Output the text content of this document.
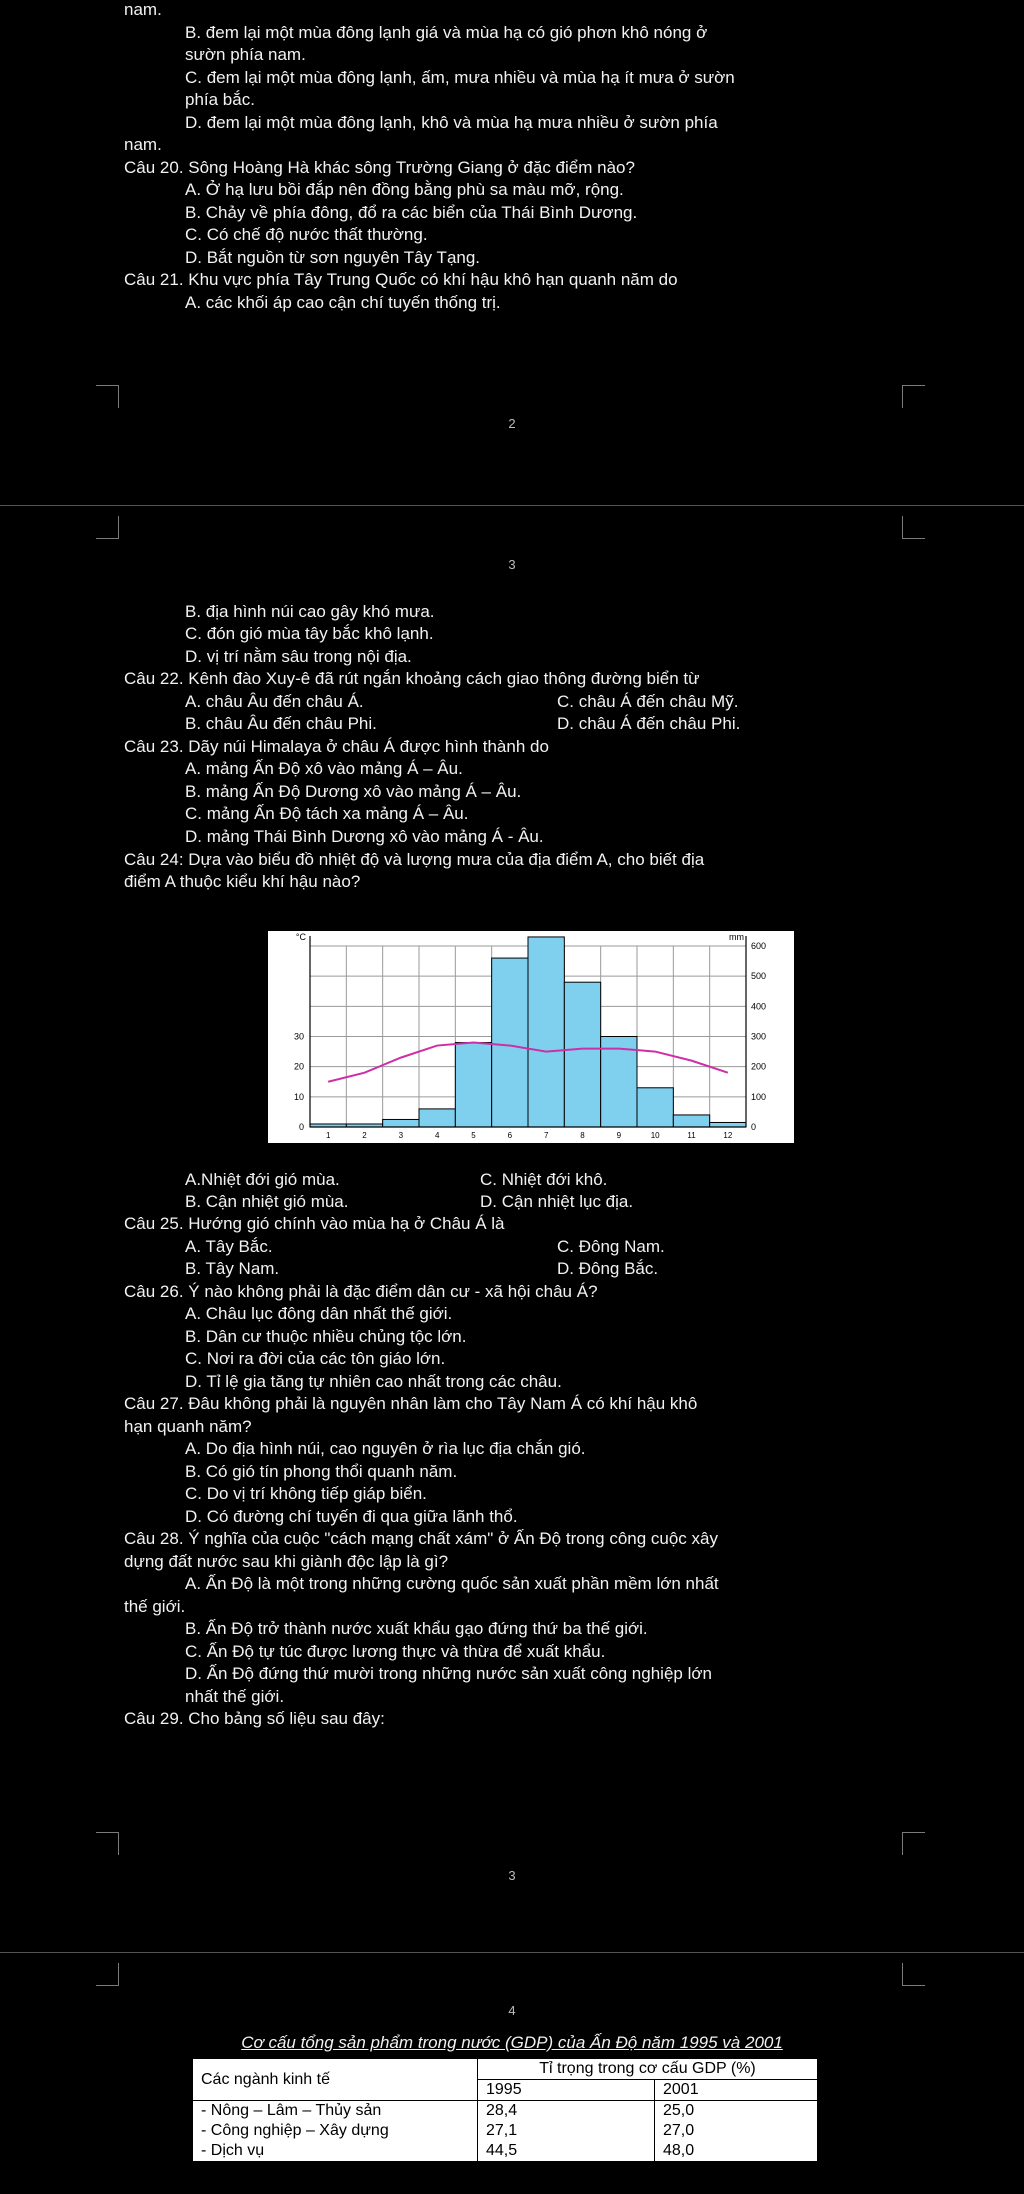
nam.
B. đem lại một mùa đông lạnh giá và mùa hạ có gió phơn khô nóng ở
sườn phía nam.
C. đem lại một mùa đông lạnh, ấm, mưa nhiều và mùa hạ ít mưa ở sườn
phía bắc.
D. đem lại một mùa đông lạnh, khô và mùa hạ mưa nhiều ở sườn phía
nam.
Câu 20. Sông Hoàng Hà khác sông Trường Giang ở đặc điểm nào?
A. Ở hạ lưu bồi đắp nên đồng bằng phù sa màu mỡ, rộng.
B. Chảy về phía đông, đổ ra các biển của Thái Bình Dương.
C. Có chế độ nước thất thường.
D. Bắt nguồn từ sơn nguyên Tây Tạng.
Câu 21. Khu vực phía Tây Trung Quốc có khí hậu khô hạn quanh năm do
A. các khối áp cao cận chí tuyến thống trị.
2
3
B. địa hình núi cao gây khó mưa.
C. đón gió mùa tây bắc khô lạnh.
D. vị trí nằm sâu trong nội địa.
Câu 22. Kênh đào Xuy-ê đã rút ngắn khoảng cách giao thông đường biển từ
A. châu Âu đến châu Á.	C. châu Á đến châu Mỹ.
B. châu Âu đến châu Phi.	D. châu Á đến châu Phi.
Câu 23. Dãy núi Himalaya ở châu Á được hình thành do
A. mảng Ấn Độ xô vào mảng Á – Âu.
B. mảng Ấn Độ Dương xô vào mảng Á – Âu.
C. mảng Ấn Độ tách xa mảng Á – Âu.
D. mảng Thái Bình Dương xô vào mảng Á - Âu.
Câu 24: Dựa vào biểu đồ nhiệt độ và lượng mưa của địa điểm A, cho biết địa
điểm A thuộc kiểu khí hậu nào?
A.Nhiệt đới gió mùa.	C. Nhiệt đới khô.
B. Cận nhiệt gió mùa.	D. Cận nhiệt lục địa.
Câu 25. Hướng gió chính vào mùa hạ ở Châu Á là
A. Tây Bắc.	C. Đông Nam.
B. Tây Nam.	D. Đông Bắc.
Câu 26. Ý nào không phải là đặc điểm dân cư - xã hội châu Á?
A. Châu lục đông dân nhất thế giới.
B. Dân cư thuộc nhiều chủng tộc lớn.
C. Nơi ra đời của các tôn giáo lớn.
D. Tỉ lệ gia tăng tự nhiên cao nhất trong các châu.
Câu 27. Đâu không phải là nguyên nhân làm cho Tây Nam Á có khí hậu khô
hạn quanh năm?
A. Do địa hình núi, cao nguyên ở rìa lục địa chắn gió.
B. Có gió tín phong thổi quanh năm.
C. Do vị trí không tiếp giáp biển.
D. Có đường chí tuyến đi qua giữa lãnh thổ.
Câu 28. Ý nghĩa của cuộc "cách mạng chất xám" ở Ấn Độ trong công cuộc xây
dựng đất nước sau khi giành độc lập là gì?
A. Ấn Độ là một trong những cường quốc sản xuất phần mềm lớn nhất
thế giới.
B. Ấn Độ trở thành nước xuất khẩu gạo đứng thứ ba thế giới.
C. Ấn Độ tự túc được lương thực và thừa để xuất khẩu.
D. Ấn Độ đứng thứ mười trong những nước sản xuất công nghiệp lớn
nhất thế giới.
Câu 29. Cho bảng số liệu sau đây:
3
0
10
20
30
0
100
200
300
400
500
600
1	2	3	4	5	6	7	8	9	10	11	12
°C	mm
4
Cơ cấu tổng sản phẩm trong nước (GDP) của Ấn Độ năm 1995 và 2001
Các ngành kinh tế	Tỉ trọng trong cơ cấu GDP (%)	
	1995	2001
- Nông – Lâm – Thủy sản	28,4	25,0
- Công nghiệp – Xây dựng	27,1	27,0
- Dịch vụ	44,5	48,0
